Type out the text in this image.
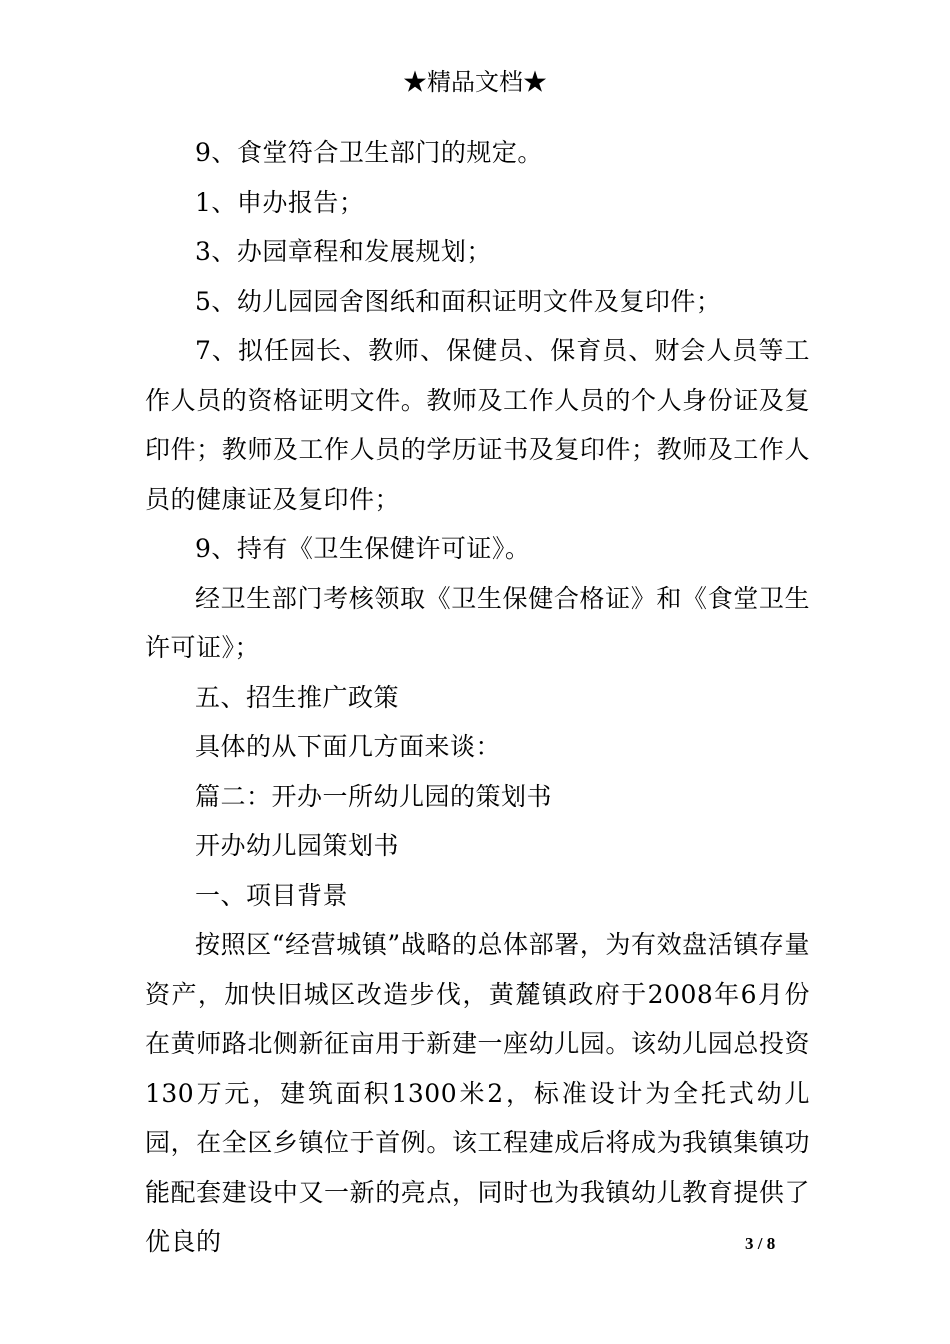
★精品文档★

9、食堂符合卫生部门的规定。

1、申办报告；

3、办园章程和发展规划；

5、幼儿园园舍图纸和面积证明文件及复印件；

7、拟任园长、教师、保健员、保育员、财会人员等工作人员的资格证明文件。教师及工作人员的个人身份证及复印件；教师及工作人员的学历证书及复印件；教师及工作人员的健康证及复印件；

9、持有《卫生保健许可证》。

经卫生部门考核领取《卫生保健合格证》和《食堂卫生许可证》；

五、招生推广政策

具体的从下面几方面来谈：

篇二：开办一所幼儿园的策划书

开办幼儿园策划书

一、项目背景

按照区“经营城镇”战略的总体部署，为有效盘活镇存量资产，加快旧城区改造步伐，黄麓镇政府于2008年6月份在黄师路北侧新征亩用于新建一座幼儿园。该幼儿园总投资130万元，建筑面积1300米2，标准设计为全托式幼儿园，在全区乡镇位于首例。该工程建成后将成为我镇集镇功能配套建设中又一新的亮点，同时也为我镇幼儿教育提供了优良的	3 / 8
